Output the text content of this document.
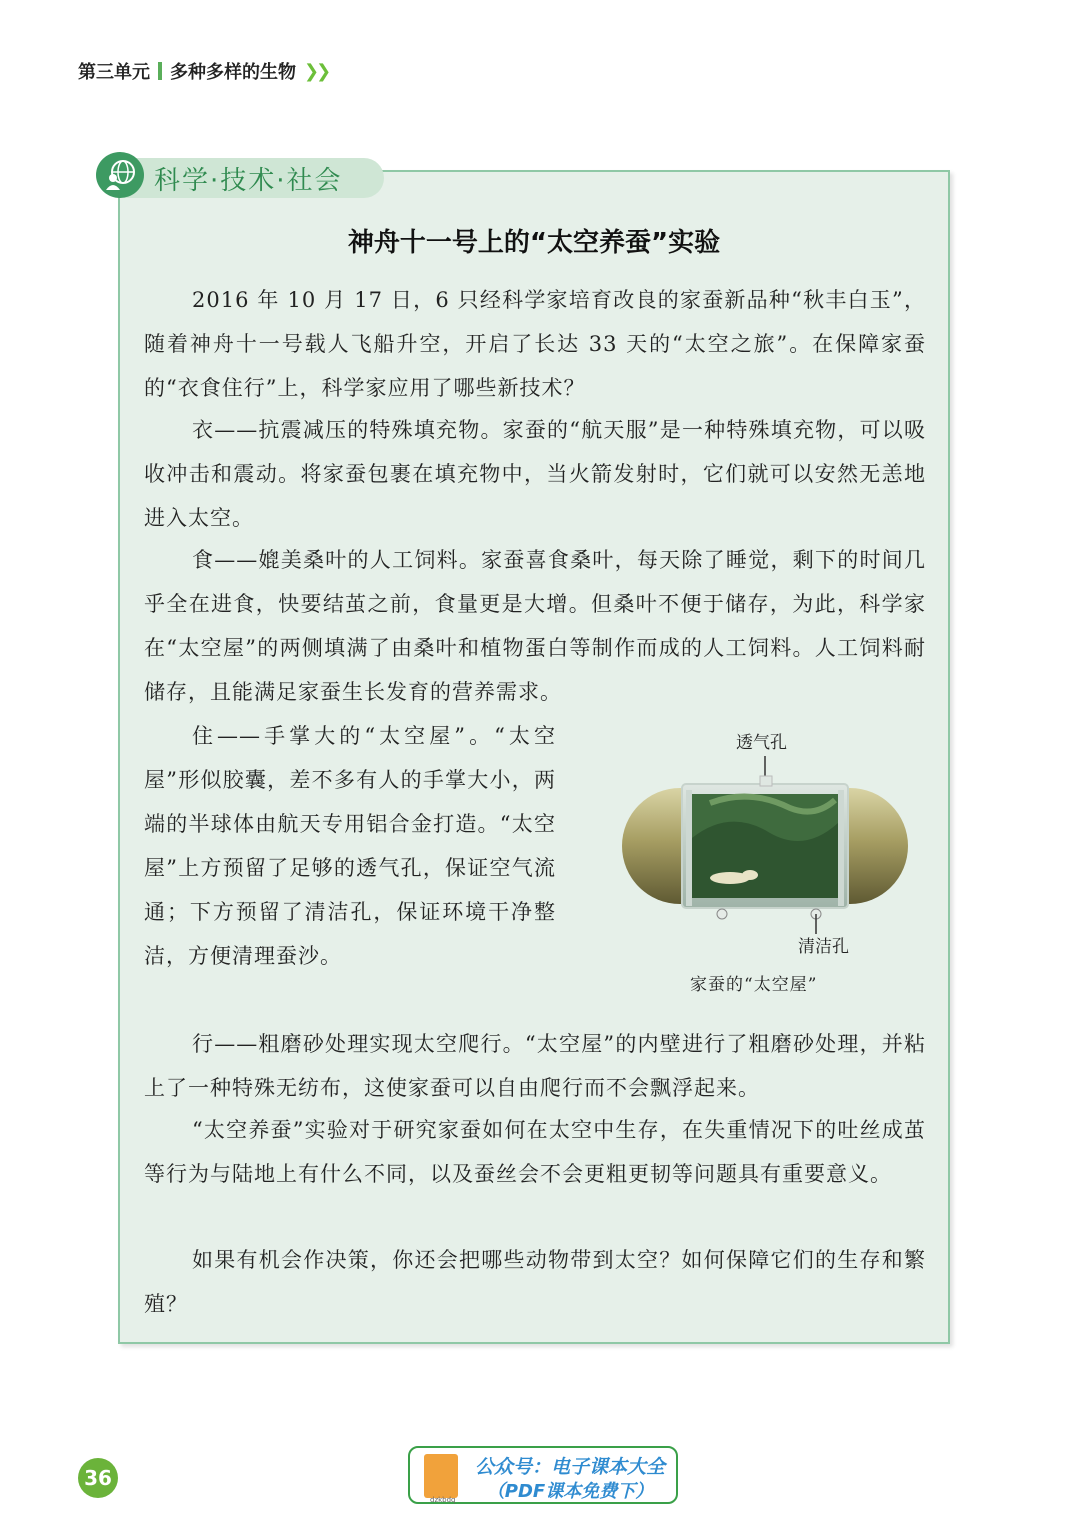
第三单元 多种多样的生物 ❯❯
科学·技术·社会
神舟十一号上的“太空养蚕”实验

2016 年 10 月 17 日，6 只经科学家培育改良的家蚕新品种“秋丰白玉”，随着神舟十一号载人飞船升空，开启了长达 33 天的“太空之旅”。在保障家蚕的“衣食住行”上，科学家应用了哪些新技术？

衣——抗震减压的特殊填充物。家蚕的“航天服”是一种特殊填充物，可以吸收冲击和震动。将家蚕包裹在填充物中，当火箭发射时，它们就可以安然无恙地进入太空。

食——媲美桑叶的人工饲料。家蚕喜食桑叶，每天除了睡觉，剩下的时间几乎全在进食，快要结茧之前，食量更是大增。但桑叶不便于储存，为此，科学家在“太空屋”的两侧填满了由桑叶和植物蛋白等制作而成的人工饲料。人工饲料耐储存，且能满足家蚕生长发育的营养需求。

住——手掌大的“太空屋”。“太空屋”形似胶囊，差不多有人的手掌大小，两端的半球体由航天专用铝合金打造。“太空屋”上方预留了足够的透气孔，保证空气流通；下方预留了清洁孔，保证环境干净整洁，方便清理蚕沙。

透气孔
清洁孔
家蚕的“太空屋”

行——粗磨砂处理实现太空爬行。“太空屋”的内壁进行了粗磨砂处理，并粘上了一种特殊无纺布，这使家蚕可以自由爬行而不会飘浮起来。

“太空养蚕”实验对于研究家蚕如何在太空中生存，在失重情况下的吐丝成茧等行为与陆地上有什么不同，以及蚕丝会不会更粗更韧等问题具有重要意义。

如果有机会作决策，你还会把哪些动物带到太空？如何保障它们的生存和繁殖？

36
dzkbdq
公众号：电子课本大全
（PDF课本免费下）
